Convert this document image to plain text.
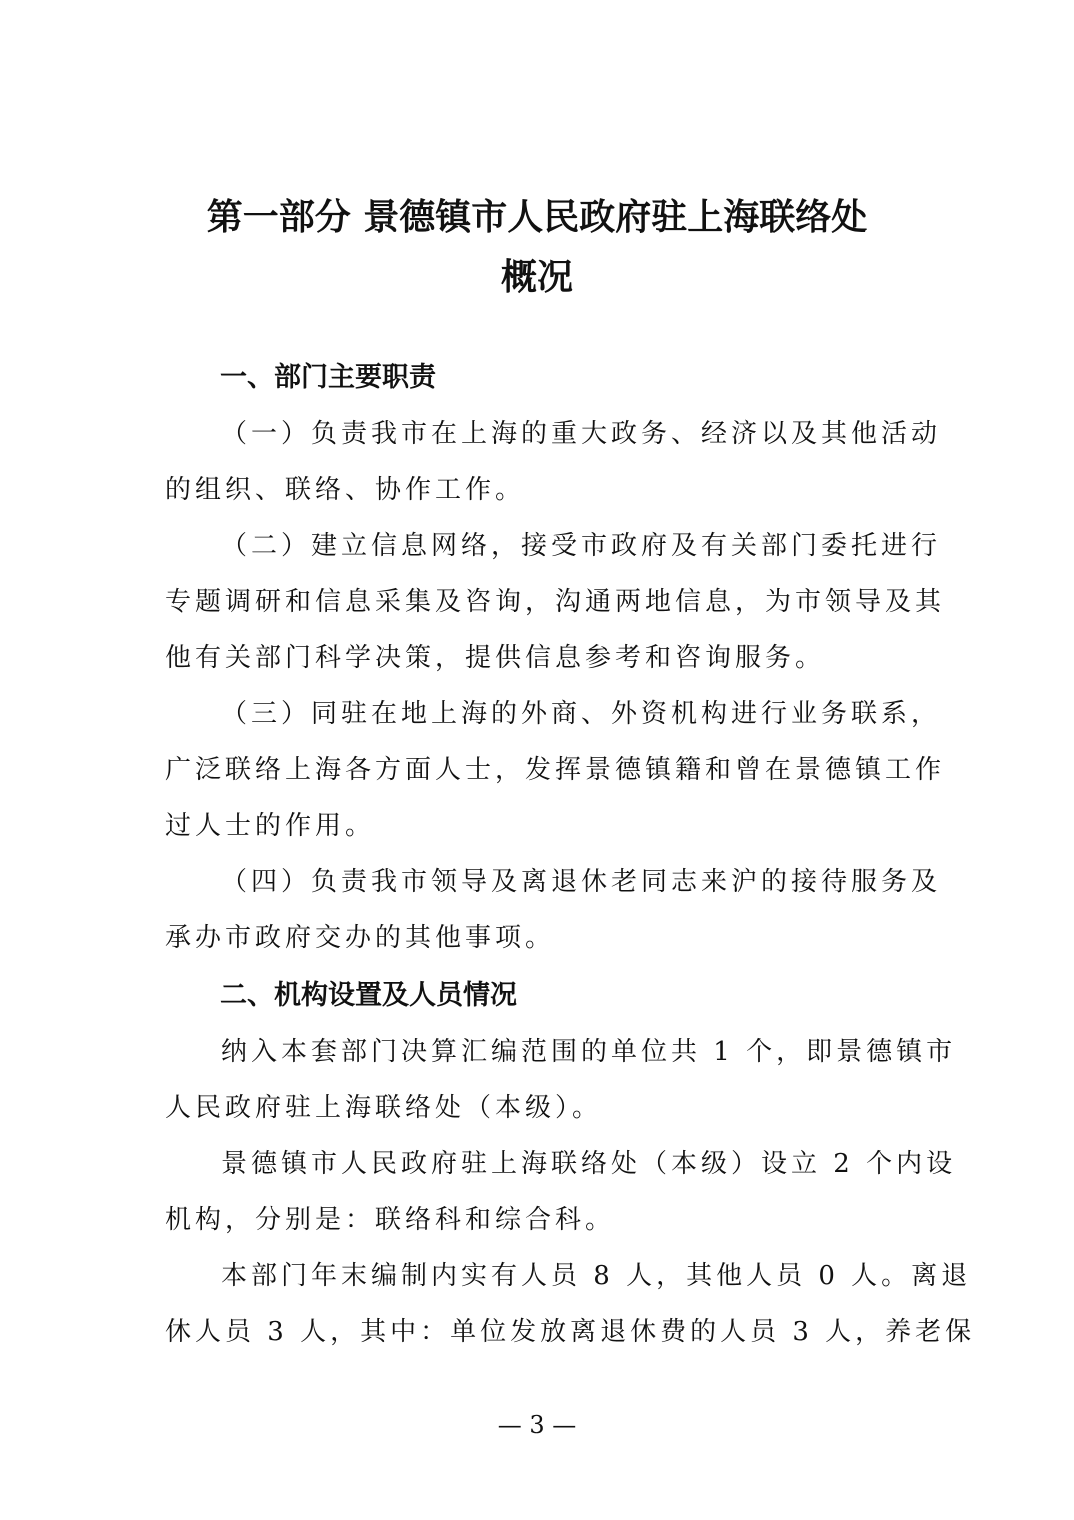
第一部分 景德镇市人民政府驻上海联络处
概况
一、部门主要职责
（一）负责我市在上海的重大政务、经济以及其他活动
的组织、联络、协作工作。
（二）建立信息网络，接受市政府及有关部门委托进行
专题调研和信息采集及咨询，沟通两地信息，为市领导及其
他有关部门科学决策，提供信息参考和咨询服务。
（三）同驻在地上海的外商、外资机构进行业务联系，
广泛联络上海各方面人士，发挥景德镇籍和曾在景德镇工作
过人士的作用。
（四）负责我市领导及离退休老同志来沪的接待服务及
承办市政府交办的其他事项。
二、机构设置及人员情况
纳入本套部门决算汇编范围的单位共 1 个，即景德镇市
人民政府驻上海联络处（本级）。
景德镇市人民政府驻上海联络处（本级）设立 2 个内设
机构，分别是：联络科和综合科。
本部门年末编制内实有人员 8 人，其他人员 0 人。离退
休人员 3 人，其中：单位发放离退休费的人员 3 人，养老保
— 3 —
